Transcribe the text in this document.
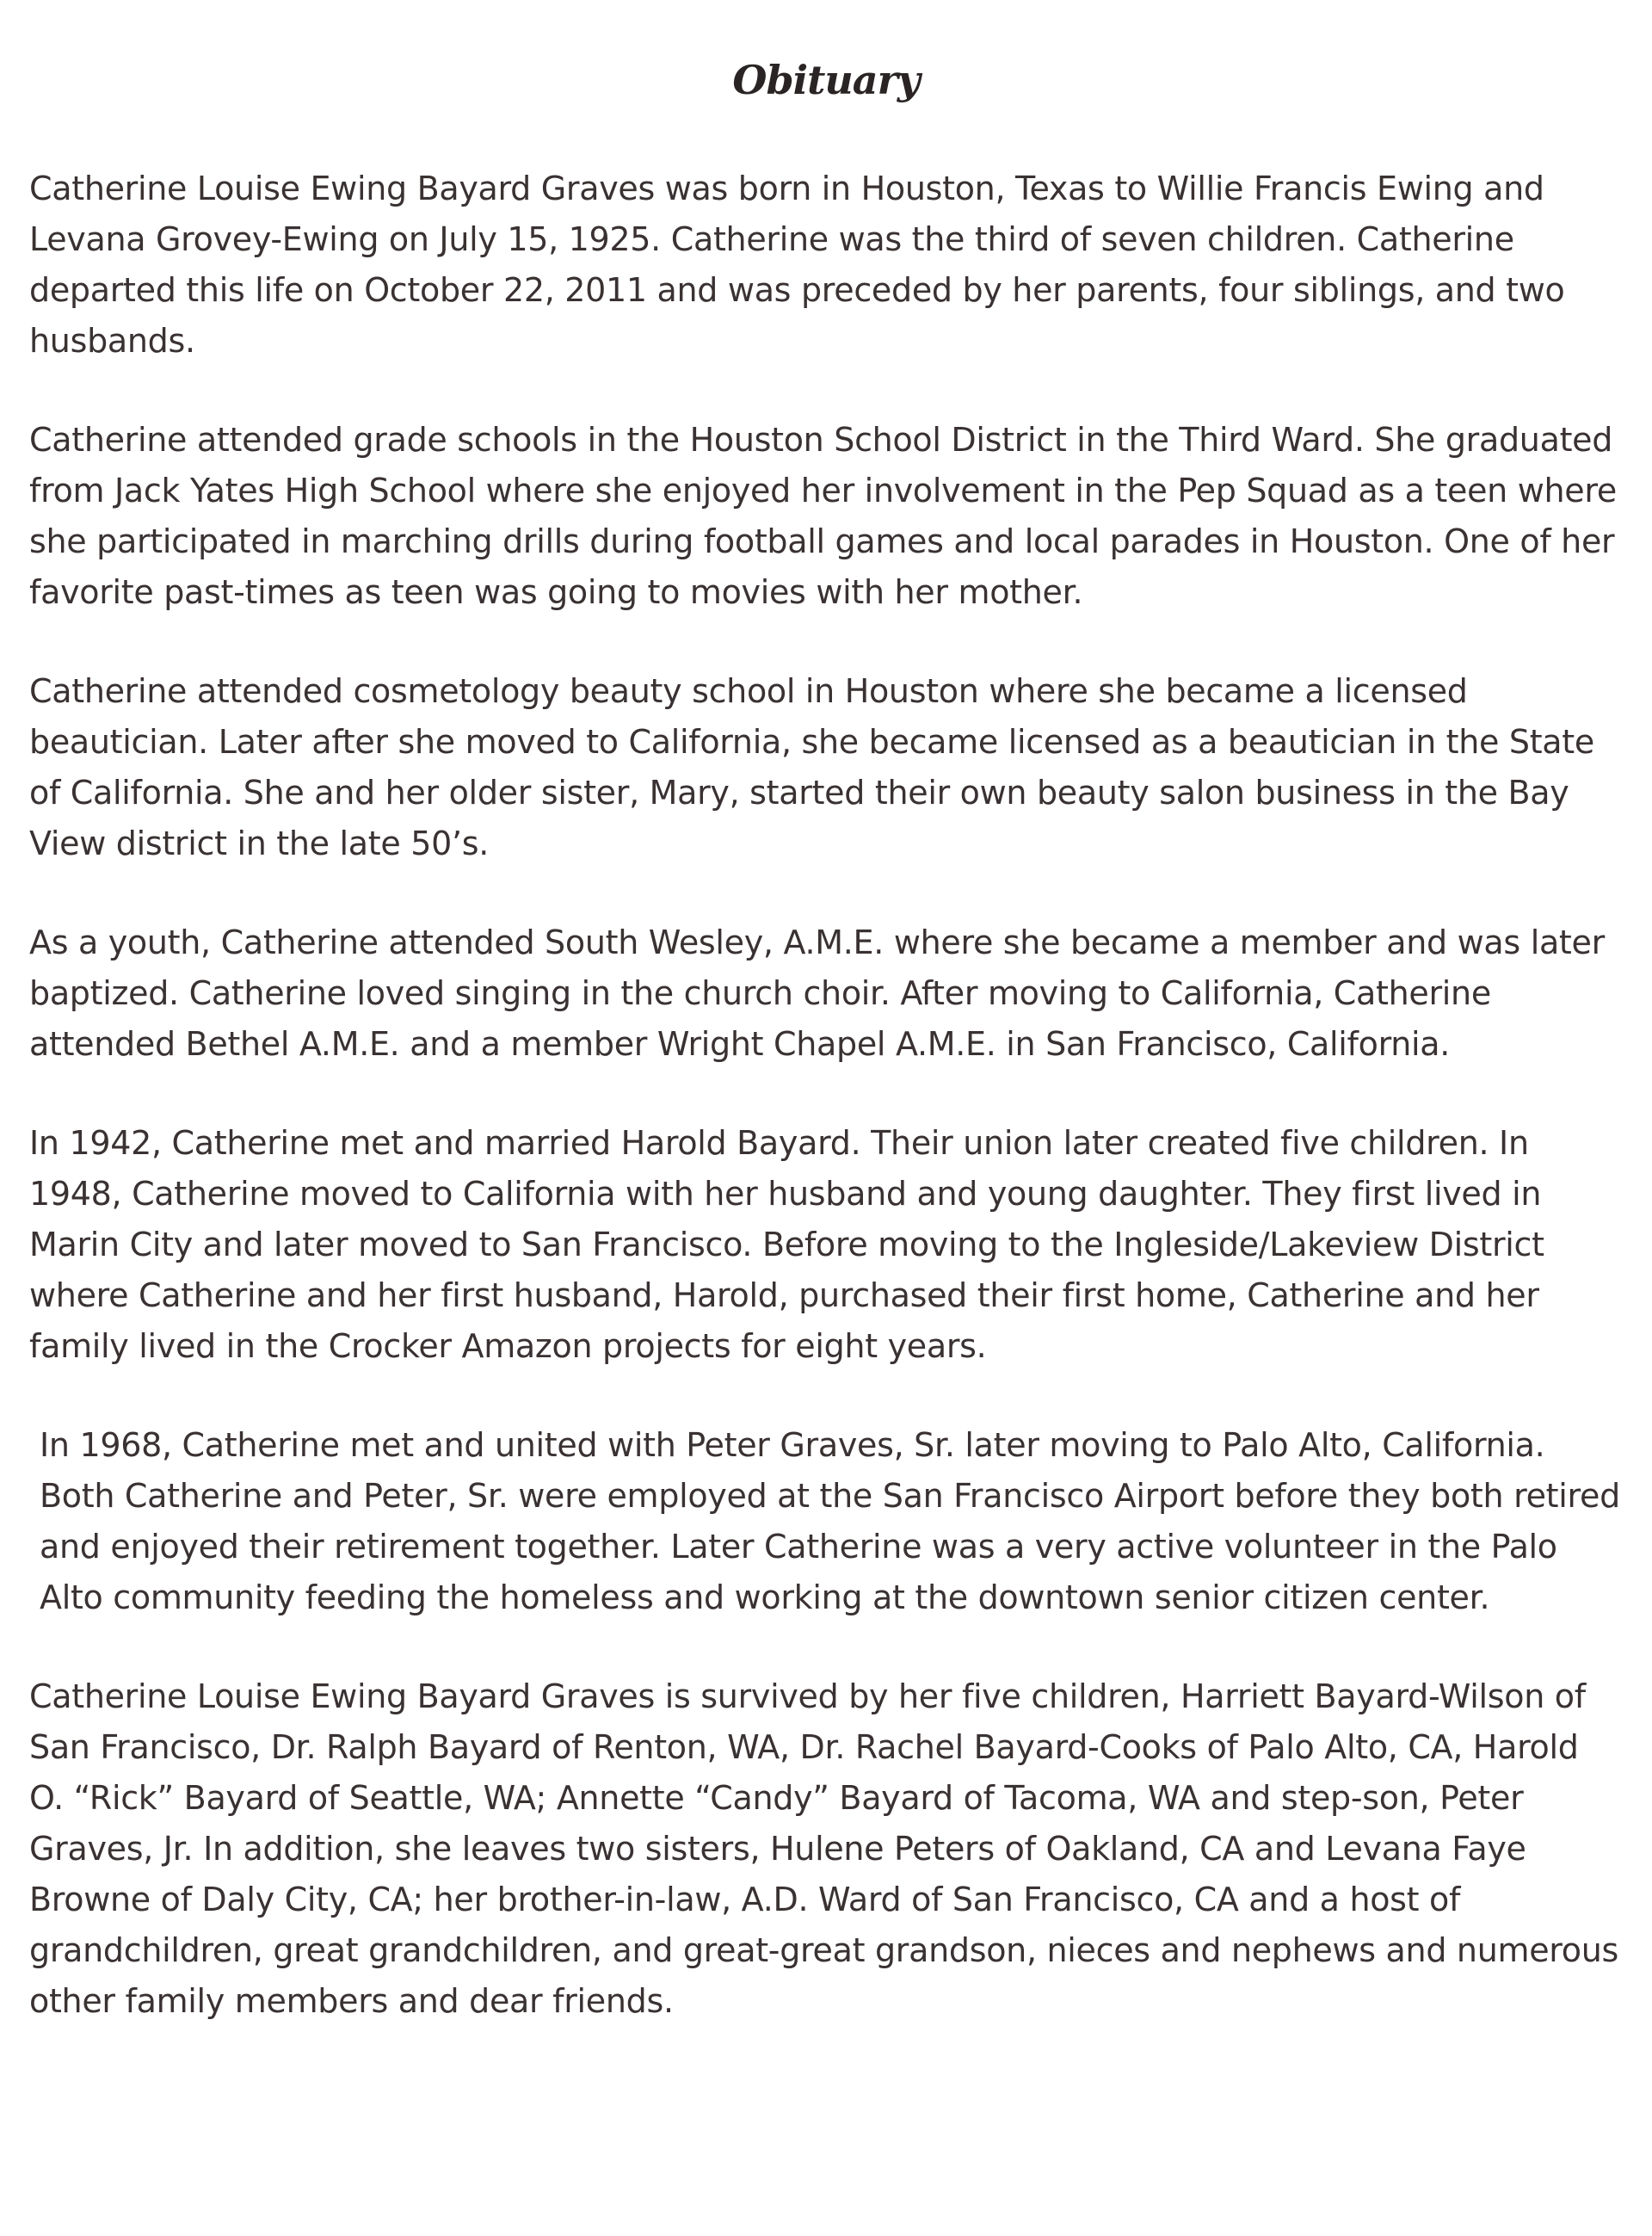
Obituary

Catherine Louise Ewing Bayard Graves was born in Houston, Texas to Willie Francis Ewing and Levana Grovey-Ewing on July 15, 1925. Catherine was the third of seven children. Catherine departed this life on October 22, 2011 and was preceded by her parents, four siblings, and two husbands.

Catherine attended grade schools in the Houston School District in the Third Ward. She graduated from Jack Yates High School where she enjoyed her involvement in the Pep Squad as a teen where she participated in marching drills during football games and local parades in Houston. One of her favorite past-times as teen was going to movies with her mother.

Catherine attended cosmetology beauty school in Houston where she became a licensed beautician. Later after she moved to California, she became licensed as a beautician in the State of California. She and her older sister, Mary, started their own beauty salon business in the Bay View district in the late 50’s.

As a youth, Catherine attended South Wesley, A.M.E. where she became a member and was later baptized. Catherine loved singing in the church choir. After moving to California, Catherine attended Bethel A.M.E. and a member Wright Chapel A.M.E. in San Francisco, California.

In 1942, Catherine met and married Harold Bayard. Their union later created five children. In 1948, Catherine moved to California with her husband and young daughter. They first lived in Marin City and later moved to San Francisco. Before moving to the Ingleside/Lakeview District where Catherine and her first husband, Harold, purchased their first home, Catherine and her family lived in the Crocker Amazon projects for eight years.

In 1968, Catherine met and united with Peter Graves, Sr. later moving to Palo Alto, California. Both Catherine and Peter, Sr. were employed at the San Francisco Airport before they both retired and enjoyed their retirement together. Later Catherine was a very active volunteer in the Palo Alto community feeding the homeless and working at the downtown senior citizen center.

Catherine Louise Ewing Bayard Graves is survived by her five children, Harriett Bayard-Wilson of San Francisco, Dr. Ralph Bayard of Renton, WA, Dr. Rachel Bayard-Cooks of Palo Alto, CA, Harold O. “Rick” Bayard of Seattle, WA; Annette “Candy” Bayard of Tacoma, WA and step-son, Peter Graves, Jr. In addition, she leaves two sisters, Hulene Peters of Oakland, CA and Levana Faye Browne of Daly City, CA; her brother-in-law, A.D. Ward of San Francisco, CA and a host of grandchildren, great grandchildren, and great-great grandson, nieces and nephews and numerous other family members and dear friends.
